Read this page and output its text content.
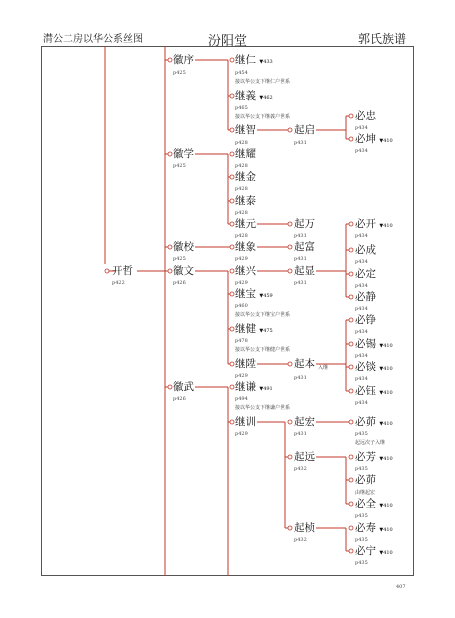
潸公二房以华公系丝图	汾阳堂	郭氏族谱
开哲
p422
徽序
p425
徽学
p425
徽校
p425
徽文
p426
徽武
p426
继仁 ▼433
p454
接以华公支下继仁户世系
继義 ▼462
p465
接以华公支下继義户世系
继智
p428
继耀
p428
继金
p428
继泰
p428
继元
p428
继象
p429
继兴
p429
继宝 ▼459
p460
接以华公支下继宝户世系
继健 ▼475
p478
接以华公支下继健户世系
继陞
p429
继谦 ▼491
p494
接以华公支下继谦户世系
继训
p429
起启
p431
起万
p431
起富
p431
起显
p431
起本 入继
p431
起宏
p431
起远
p432
起桢
p432
必忠
p434
必坤 ▼410
p434
必开 ▼410
p434
必成
p434
必定
p434
必静
p434
必铮
p434
必锡 ▼410
p434
必锬 ▼410
p434
必钰 ▼410
p434
必茆 ▼410
p435
起远次子入继
必芳 ▼410
p435
必茆
由继起宏
必全 ▼410
p435
必寿 ▼410
p435
必宁 ▼410
p435
407
